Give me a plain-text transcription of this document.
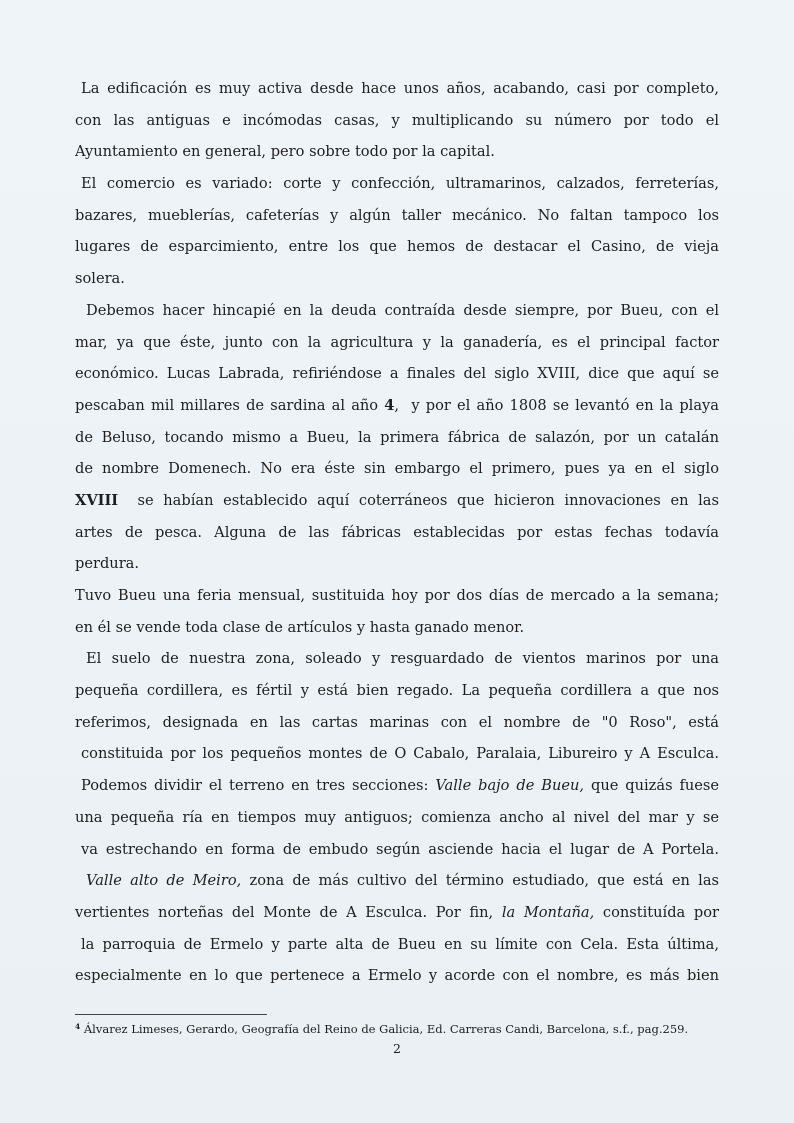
La edificación es muy activa desde hace unos años, acabando, casi por completo,
con las antiguas e incómodas casas, y multiplicando su número por todo el
Ayuntamiento en general, pero sobre todo por la capital.
El comercio es variado: corte y confección, ultramarinos, calzados, ferreterías,
bazares, mueblerías, cafeterías y algún taller mecánico. No faltan tampoco los
lugares de esparcimiento, entre los que hemos de destacar el Casino, de vieja
solera.
Debemos hacer hincapié en la deuda contraída desde siempre, por Bueu, con el
mar, ya que éste, junto con la agricultura y la ganadería, es el principal factor
económico. Lucas Labrada, refiriéndose a finales del siglo XVIII, dice que aquí se
pescaban mil millares de sardina al año 4,  y por el año 1808 se levantó en la playa
de Beluso, tocando mismo a Bueu, la primera fábrica de salazón, por un catalán
de nombre Domenech. No era éste sin embargo el primero, pues ya en el siglo
XVIII se habían establecido aquí coterráneos que hicieron innovaciones en las
artes de pesca. Alguna de las fábricas establecidas por estas fechas todavía
perdura.
Tuvo Bueu una feria mensual, sustituida hoy por dos días de mercado a la semana;
en él se vende toda clase de artículos y hasta ganado menor.
El suelo de nuestra zona, soleado y resguardado de vientos marinos por una
pequeña cordillera, es fértil y está bien regado. La pequeña cordillera a que nos
referimos, designada en las cartas marinas con el nombre de "0 Roso", está
constituida por los pequeños montes de O Cabalo, Paralaia, Libureiro y A Esculca.
Podemos dividir el terreno en tres secciones: Valle bajo de Bueu, que quizás fuese
una pequeña ría en tiempos muy antiguos; comienza ancho al nivel del mar y se
va estrechando en forma de embudo según asciende hacia el lugar de A Portela.
Valle alto de Meiro, zona de más cultivo del término estudiado, que está en las
vertientes norteñas del Monte de A Esculca. Por fin, la Montaña, constituída por
la parroquia de Ermelo y parte alta de Bueu en su límite con Cela. Esta última,
especialmente en lo que pertenece a Ermelo y acorde con el nombre, es más bien
$^4$ Álvarez Limeses, Gerardo, Geografía del Reino de Galicia, Ed. Carreras Candi, Barcelona, s.f., pag.259.
2
